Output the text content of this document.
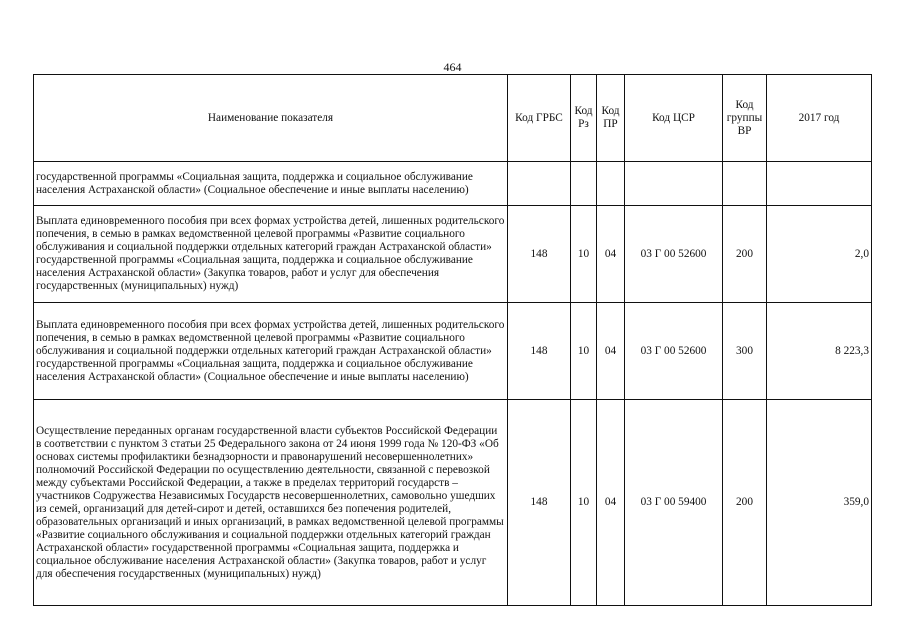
464
Наименование показателя	Код ГРБС	Код Рз	Код ПР	Код ЦСР	Код группы ВР	2017 год
государственной программы «Социальная защита, поддержка и социальное обслуживание населения Астраханской области» (Социальное обеспечение и иные выплаты населению)						
Выплата единовременного пособия при всех формах устройства детей, лишенных родительского попечения, в семью в рамках ведомственной целевой программы «Развитие социального обслуживания и социальной поддержки отдельных категорий граждан Астраханской области» государственной программы «Социальная защита, поддержка и социальное обслуживание населения Астраханской области» (Закупка товаров, работ и услуг для обеспечения государственных (муниципальных) нужд)	148	10	04	03 Г 00 52600	200	2,0
Выплата единовременного пособия при всех формах устройства детей, лишенных родительского попечения, в семью в рамках ведомственной целевой программы «Развитие социального обслуживания и социальной поддержки отдельных категорий граждан Астраханской области» государственной программы «Социальная защита, поддержка и социальное обслуживание населения Астраханской области» (Социальное обеспечение и иные выплаты населению)	148	10	04	03 Г 00 52600	300	8 223,3
Осуществление переданных органам государственной власти субъектов Российской Федерации в соответствии с пунктом 3 статьи 25 Федерального закона от 24 июня 1999 года № 120-ФЗ «Об основах системы профилактики безнадзорности и правонарушений несовершеннолетних» полномочий Российской Федерации по осуществлению деятельности, связанной с перевозкой между субъектами Российской Федерации, а также в пределах территорий государств – участников Содружества Независимых Государств несовершеннолетних, самовольно ушедших из семей, организаций для детей-сирот и детей, оставшихся без попечения родителей, образовательных организаций и иных организаций, в рамках ведомственной целевой программы «Развитие социального обслуживания и социальной поддержки отдельных категорий граждан Астраханской области» государственной программы «Социальная защита, поддержка и социальное обслуживание населения Астраханской области» (Закупка товаров, работ и услуг для обеспечения государственных (муниципальных) нужд)	148	10	04	03 Г 00 59400	200	359,0
